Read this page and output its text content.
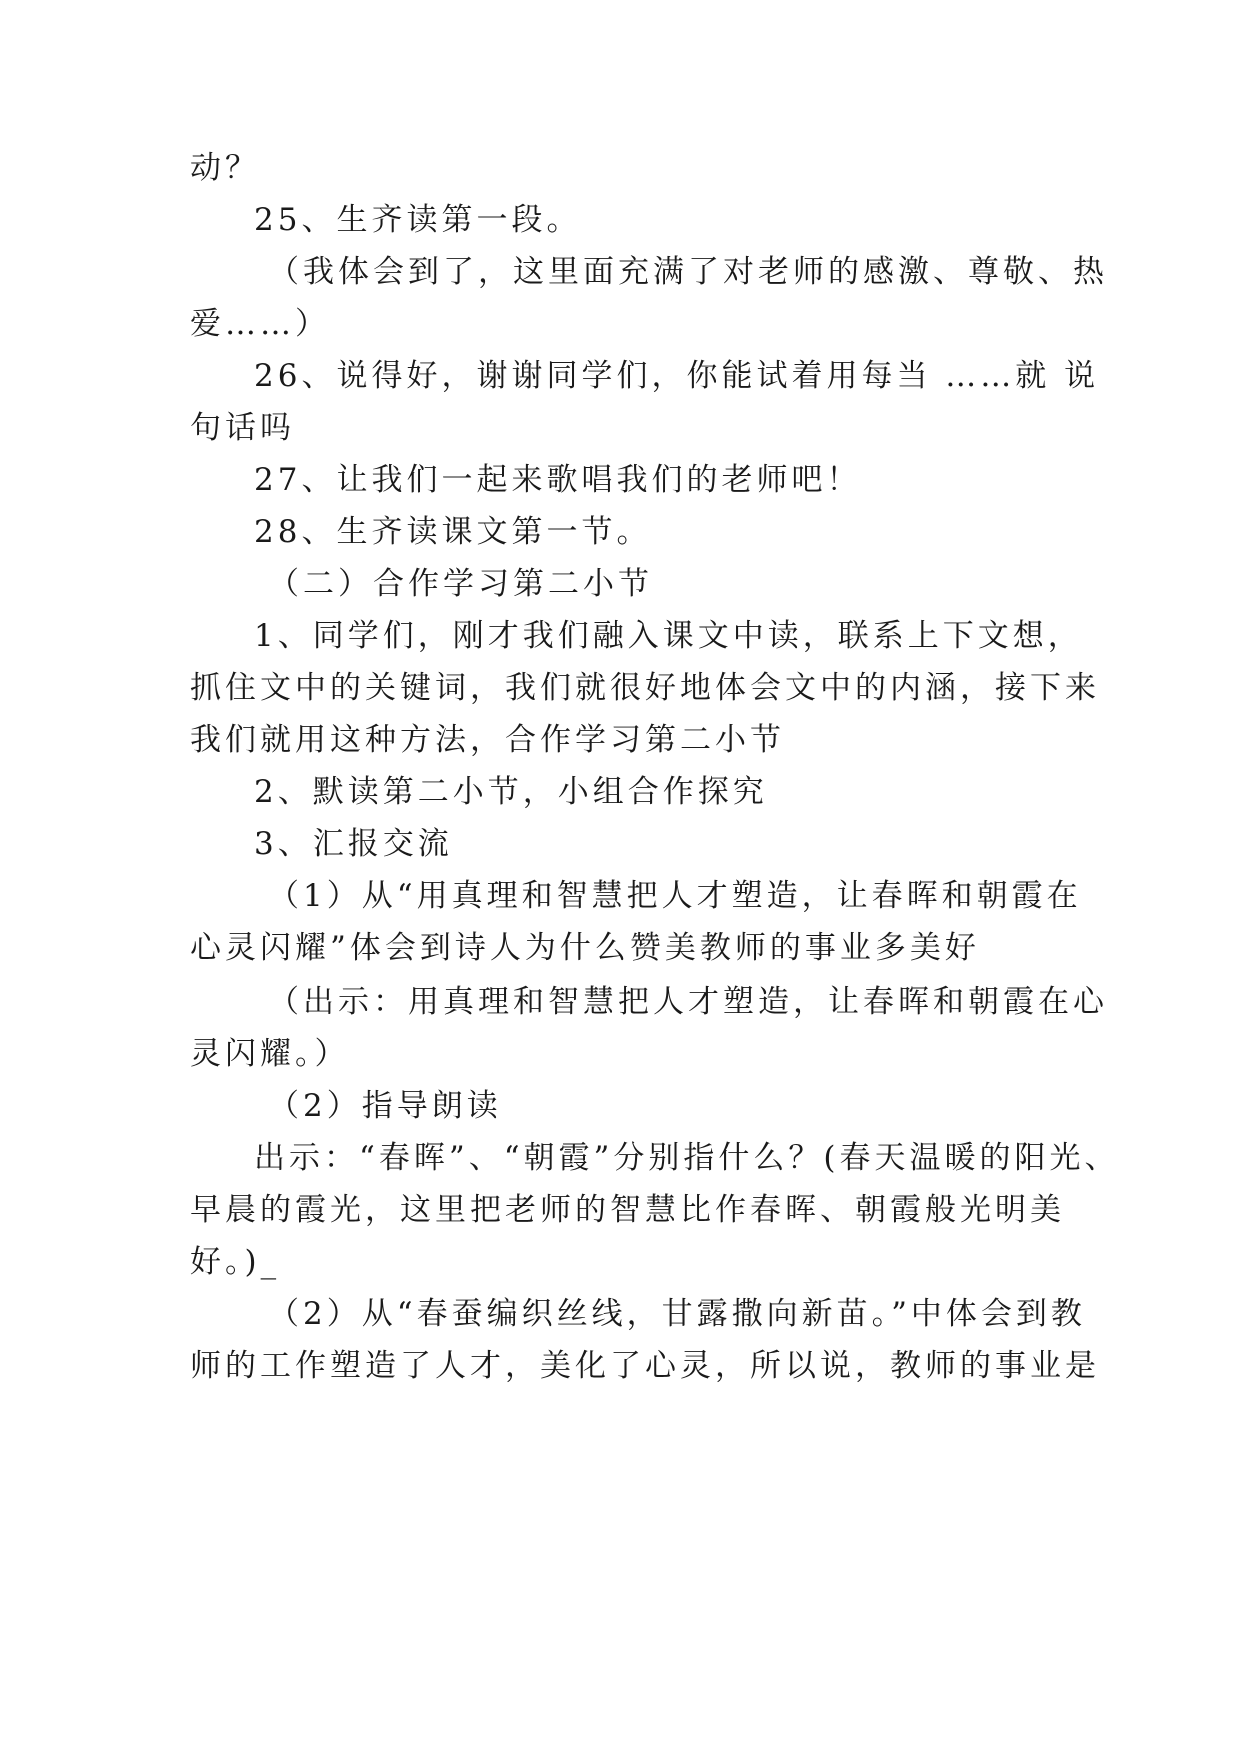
动？
25、生齐读第一段。
（我体会到了，这里面充满了对老师的感激、尊敬、热
爱……）
26、说得好，谢谢同学们，你能试着用每当 ……就 说
句话吗
27、让我们一起来歌唱我们的老师吧！
28、生齐读课文第一节。
（二）合作学习第二小节
1、同学们，刚才我们融入课文中读，联系上下文想，
抓住文中的关键词，我们就很好地体会文中的内涵，接下来
我们就用这种方法，合作学习第二小节
2、默读第二小节，小组合作探究
3、汇报交流
（1）从“用真理和智慧把人才塑造，让春晖和朝霞在
心灵闪耀”体会到诗人为什么赞美教师的事业多美好
（出示：用真理和智慧把人才塑造，让春晖和朝霞在心
灵闪耀。）
（2）指导朗读
出示：“春晖”、“朝霞”分别指什么？(春天温暖的阳光、
早晨的霞光，这里把老师的智慧比作春晖、朝霞般光明美
好。)_
（2）从“春蚕编织丝线，甘露撒向新苗。”中体会到教
师的工作塑造了人才，美化了心灵，所以说，教师的事业是
